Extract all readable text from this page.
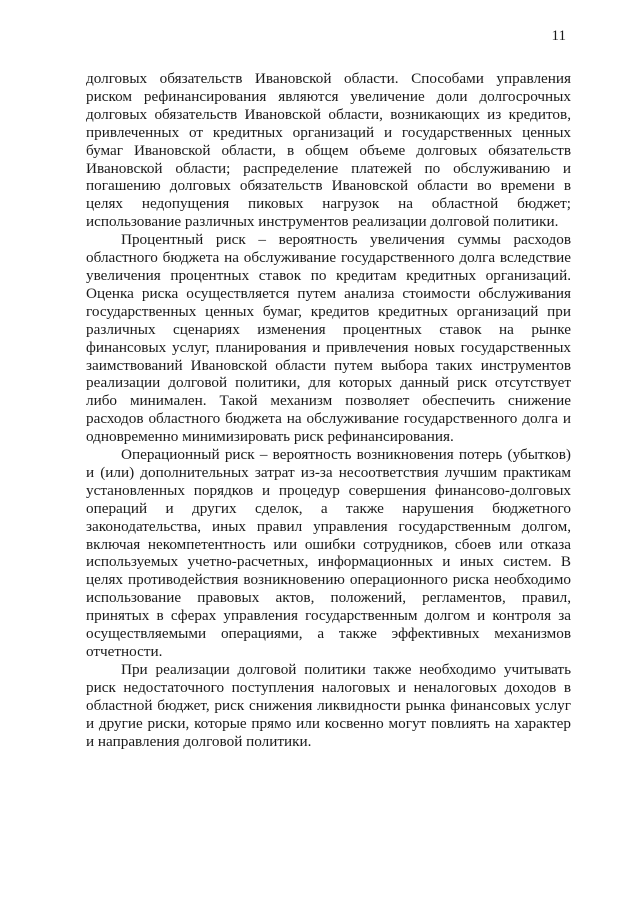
11

долговых обязательств Ивановской области. Способами управления риском рефинансирования являются увеличение доли долгосрочных долговых обязательств Ивановской области, возникающих из кредитов, привлеченных от кредитных организаций и государственных ценных бумаг Ивановской области, в общем объеме долговых обязательств Ивановской области; распределение платежей по обслуживанию и погашению долговых обязательств Ивановской области во времени в целях недопущения пиковых нагрузок на областной бюджет; использование различных инструментов реализации долговой политики.

Процентный риск – вероятность увеличения суммы расходов областного бюджета на обслуживание государственного долга вследствие увеличения процентных ставок по кредитам кредитных организаций. Оценка риска осуществляется путем анализа стоимости обслуживания государственных ценных бумаг, кредитов кредитных организаций при различных сценариях изменения процентных ставок на рынке финансовых услуг, планирования и привлечения новых государственных заимствований Ивановской области путем выбора таких инструментов реализации долговой политики, для которых данный риск отсутствует либо минимален. Такой механизм позволяет обеспечить снижение расходов областного бюджета на обслуживание государственного долга и одновременно минимизировать риск рефинансирования.

Операционный риск – вероятность возникновения потерь (убытков) и (или) дополнительных затрат из-за несоответствия лучшим практикам установленных порядков и процедур совершения финансово-долговых операций и других сделок, а также нарушения бюджетного законодательства, иных правил управления государственным долгом, включая некомпетентность или ошибки сотрудников, сбоев или отказа используемых учетно-расчетных, информационных и иных систем. В целях противодействия возникновению операционного риска необходимо использование правовых актов, положений, регламентов, правил, принятых в сферах управления государственным долгом и контроля за осуществляемыми операциями, а также эффективных механизмов отчетности.

При реализации долговой политики также необходимо учитывать риск недостаточного поступления налоговых и неналоговых доходов в областной бюджет, риск снижения ликвидности рынка финансовых услуг и другие риски, которые прямо или косвенно могут повлиять на характер и направления долговой политики.
